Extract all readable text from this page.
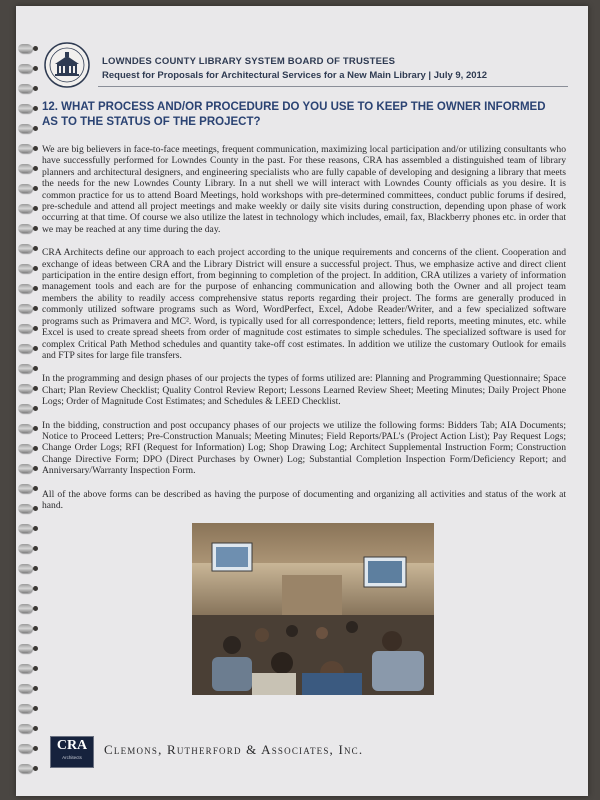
LOWNDES COUNTY LIBRARY SYSTEM BOARD OF TRUSTEES
Request for Proposals for Architectural Services for a New Main Library | July 9, 2012
12. WHAT PROCESS AND/OR PROCEDURE DO YOU USE TO KEEP THE OWNER INFORMED AS TO THE STATUS OF THE PROJECT?

We are big believers in face-to-face meetings, frequent communication, maximizing local participation and/or utilizing consultants who have successfully performed for Lowndes County in the past. For these reasons, CRA has assembled a distinguished team of library planners and architectural designers, and engineering specialists who are fully capable of developing and designing a library that meets the needs for the new Lowndes County Library. In a nut shell we will interact with Lowndes County officials as you desire. It is common practice for us to attend Board Meetings, hold workshops with pre-determined committees, conduct public forums if desired, pre-schedule and attend all project meetings and make weekly or daily site visits during construction, depending upon phase of work occurring at that time. Of course we also utilize the latest in technology which includes, email, fax, Blackberry phones etc. in order that we may be reached at any time during the day.

CRA Architects define our approach to each project according to the unique requirements and concerns of the client. Cooperation and exchange of ideas between CRA and the Library District will ensure a successful project. Thus, we emphasize active and direct client participation in the entire design effort, from beginning to completion of the project. In addition, CRA utilizes a variety of information management tools and each are for the purpose of enhancing communication and allowing both the Owner and all project team members the ability to readily access comprehensive status reports regarding their project. The forms are generally produced in commonly utilized software programs such as Word, WordPerfect, Excel, Adobe Reader/Writer, and a few specialized software programs such as Primavera and MC². Word, is typically used for all correspondence; letters, field reports, meeting minutes, etc. while Excel is used to create spread sheets from order of magnitude cost estimates to simple schedules. The specialized software is used for complex Critical Path Method schedules and quantity take-off cost estimates. In addition we utilize the customary Outlook for emails and FTP sites for large file transfers.

In the programming and design phases of our projects the types of forms utilized are: Planning and Programming Questionnaire; Space Chart; Plan Review Checklist; Quality Control Review Report; Lessons Learned Review Sheet; Meeting Minutes; Daily Project Phone Logs; Order of Magnitude Cost Estimates; and Schedules & LEED Checklist.

In the bidding, construction and post occupancy phases of our projects we utilize the following forms: Bidders Tab; AIA Documents; Notice to Proceed Letters; Pre-Construction Manuals; Meeting Minutes; Field Reports/PAL's (Project Action List); Pay Request Logs; Change Order Logs; RFI (Request for Information) Log; Shop Drawing Log; Architect Supplemental Instruction Form; Construction Change Directive Form; DPO (Direct Purchases by Owner) Log; Substantial Completion Inspection Form/Deficiency Report; and Anniversary/Warranty Inspection Form.

All of the above forms can be described as having the purpose of documenting and organizing all activities and status of the work at hand.

CRA
Architects
Clemons, Rutherford & Associates, Inc.
